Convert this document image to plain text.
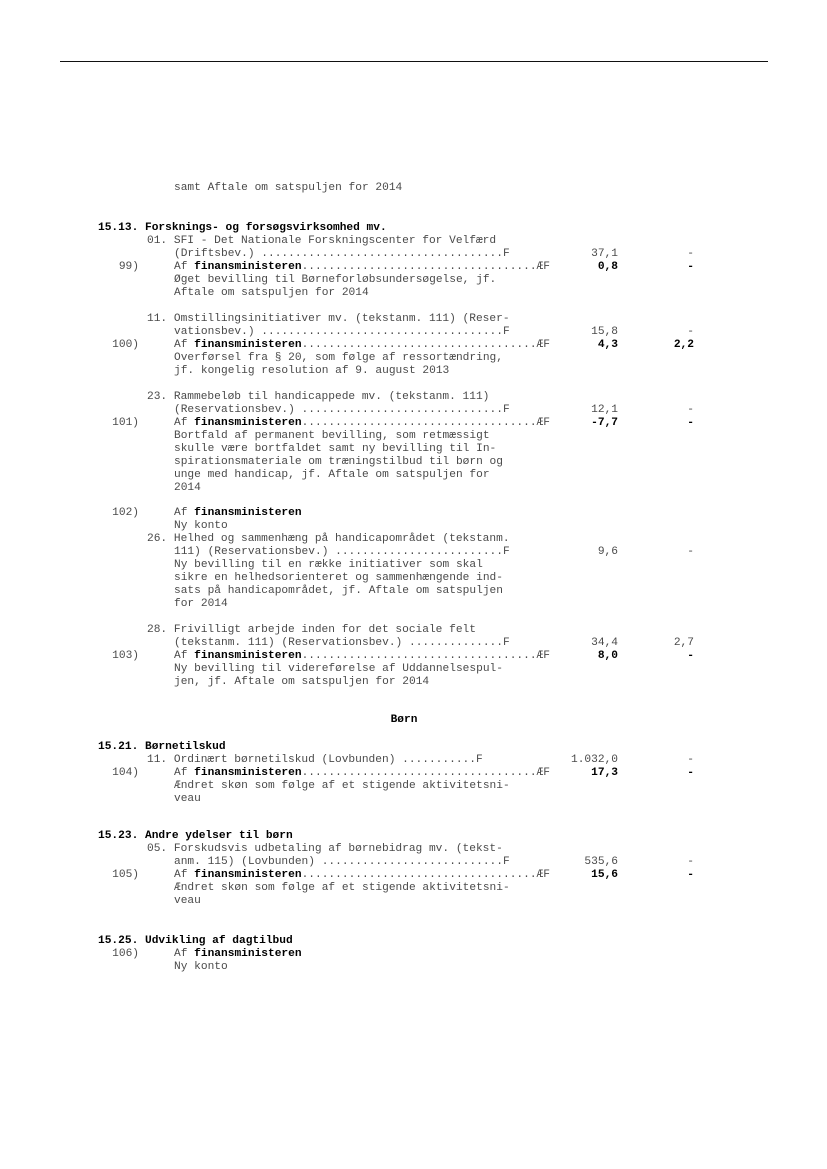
samt Aftale om satspuljen for 2014
15.13. Forsknings- og forsøgsvirksomhed mv.
01. SFI - Det Nationale Forskningscenter for Velfærd
(Driftsbev.) ....................................F	37,1	-
99)	Af finansministeren...................................ÆF	0,8	-
Øget bevilling til Børneforløbsundersøgelse, jf.
Aftale om satspuljen for 2014
11. Omstillingsinitiativer mv. (tekstanm. 111) (Reser-
vationsbev.) ....................................F	15,8	-
100)	Af finansministeren...................................ÆF	4,3	2,2
Overførsel fra § 20, som følge af ressortændring,
jf. kongelig resolution af 9. august 2013
23. Rammebeløb til handicappede mv. (tekstanm. 111)
(Reservationsbev.) ..............................F	12,1	-
101)	Af finansministeren...................................ÆF	-7,7	-
Bortfald af permanent bevilling, som retmæssigt
skulle være bortfaldet samt ny bevilling til In-
spirationsmateriale om træningstilbud til børn og
unge med handicap, jf. Aftale om satspuljen for
2014
102)	Af finansministeren
Ny konto
26. Helhed og sammenhæng på handicapområdet (tekstanm.
111) (Reservationsbev.) .........................F	9,6	-
Ny bevilling til en række initiativer som skal
sikre en helhedsorienteret og sammenhængende ind-
sats på handicapområdet, jf. Aftale om satspuljen
for 2014
28. Frivilligt arbejde inden for det sociale felt
(tekstanm. 111) (Reservationsbev.) ..............F	34,4	2,7
103)	Af finansministeren...................................ÆF	8,0	-
Ny bevilling til videreførelse af Uddannelsespul-
jen, jf. Aftale om satspuljen for 2014
Børn
15.21. Børnetilskud
11. Ordinært børnetilskud (Lovbunden) ...........F	1.032,0	-
104)	Af finansministeren...................................ÆF	17,3	-
Ændret skøn som følge af et stigende aktivitetsni-
veau
15.23. Andre ydelser til børn
05. Forskudsvis udbetaling af børnebidrag mv. (tekst-
anm. 115) (Lovbunden) ...........................F	535,6	-
105)	Af finansministeren...................................ÆF	15,6	-
Ændret skøn som følge af et stigende aktivitetsni-
veau
15.25. Udvikling af dagtilbud
106)	Af finansministeren
Ny konto
